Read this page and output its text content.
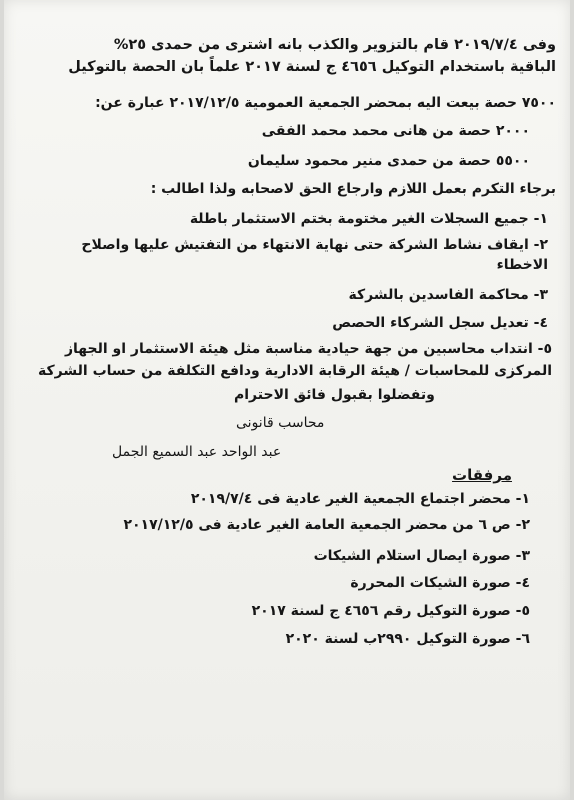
وفى ٢٠١٩/٧/٤ قام بالتزوير والكذب بانه اشترى من حمدى ٢٥%
الباقية باستخدام التوكيل ٤٦٥٦ ج لسنة ٢٠١٧ علماً بان الحصة بالتوكيل
٧٥٠٠ حصة بيعت اليه بمحضر الجمعية العمومية ٢٠١٧/١٢/٥ عبارة عن:
٢٠٠٠ حصة من هانى محمد محمد الفقى
٥٥٠٠ حصة من حمدى منير محمود سليمان
برجاء التكرم بعمل اللازم وارجاع الحق لاصحابه ولذا اطالب :
١- جميع السجلات الغير مختومة بختم الاستثمار باطلة
٢- ايقاف نشاط الشركة حتى نهاية الانتهاء من التفتيش عليها واصلاح
الاخطاء
٣- محاكمة الفاسدين بالشركة
٤- تعديل سجل الشركاء الحصص
٥- انتداب محاسبين من جهة حيادية مناسبة مثل هيئة الاستثمار او الجهاز
المركزى للمحاسبات / هيئة الرقابة الادارية ودافع التكلفة من حساب الشركة
وتفضلوا بقبول فائق الاحترام
محاسب قانونى
عبد الواحد عبد السميع الجمل
مرفقات
١- محضر اجتماع الجمعية الغير عادية فى ٢٠١٩/٧/٤
٢- ص ٦ من محضر الجمعية العامة الغير عادية فى ٢٠١٧/١٢/٥
٣- صورة ايصال استلام الشيكات
٤- صورة الشيكات المحررة
٥- صورة التوكيل رقم ٤٦٥٦ ج لسنة ٢٠١٧
٦- صورة التوكيل ٢٩٩٠ب لسنة ٢٠٢٠
